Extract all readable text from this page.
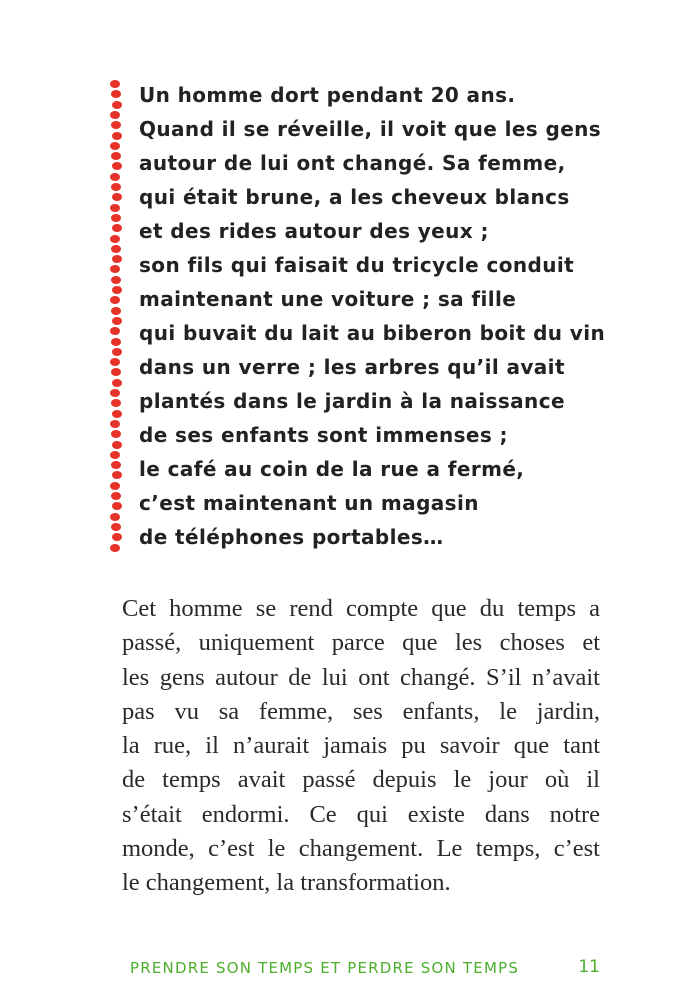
Un homme dort pendant 20 ans.
Quand il se réveille, il voit que les gens
autour de lui ont changé. Sa femme,
qui était brune, a les cheveux blancs
et des rides autour des yeux ;
son fils qui faisait du tricycle conduit
maintenant une voiture ; sa fille
qui buvait du lait au biberon boit du vin
dans un verre ; les arbres qu’il avait
plantés dans le jardin à la naissance
de ses enfants sont immenses ;
le café au coin de la rue a fermé,
c’est maintenant un magasin
de téléphones portables…
Cet homme se rend compte que du temps a
passé, uniquement parce que les choses et
les gens autour de lui ont changé. S’il n’avait
pas vu sa femme, ses enfants, le jardin,
la rue, il n’aurait jamais pu savoir que tant
de temps avait passé depuis le jour où il
s’était endormi. Ce qui existe dans notre
monde, c’est le changement. Le temps, c’est
le changement, la transformation.
PRENDRE SON TEMPS ET PERDRE SON TEMPS	11
